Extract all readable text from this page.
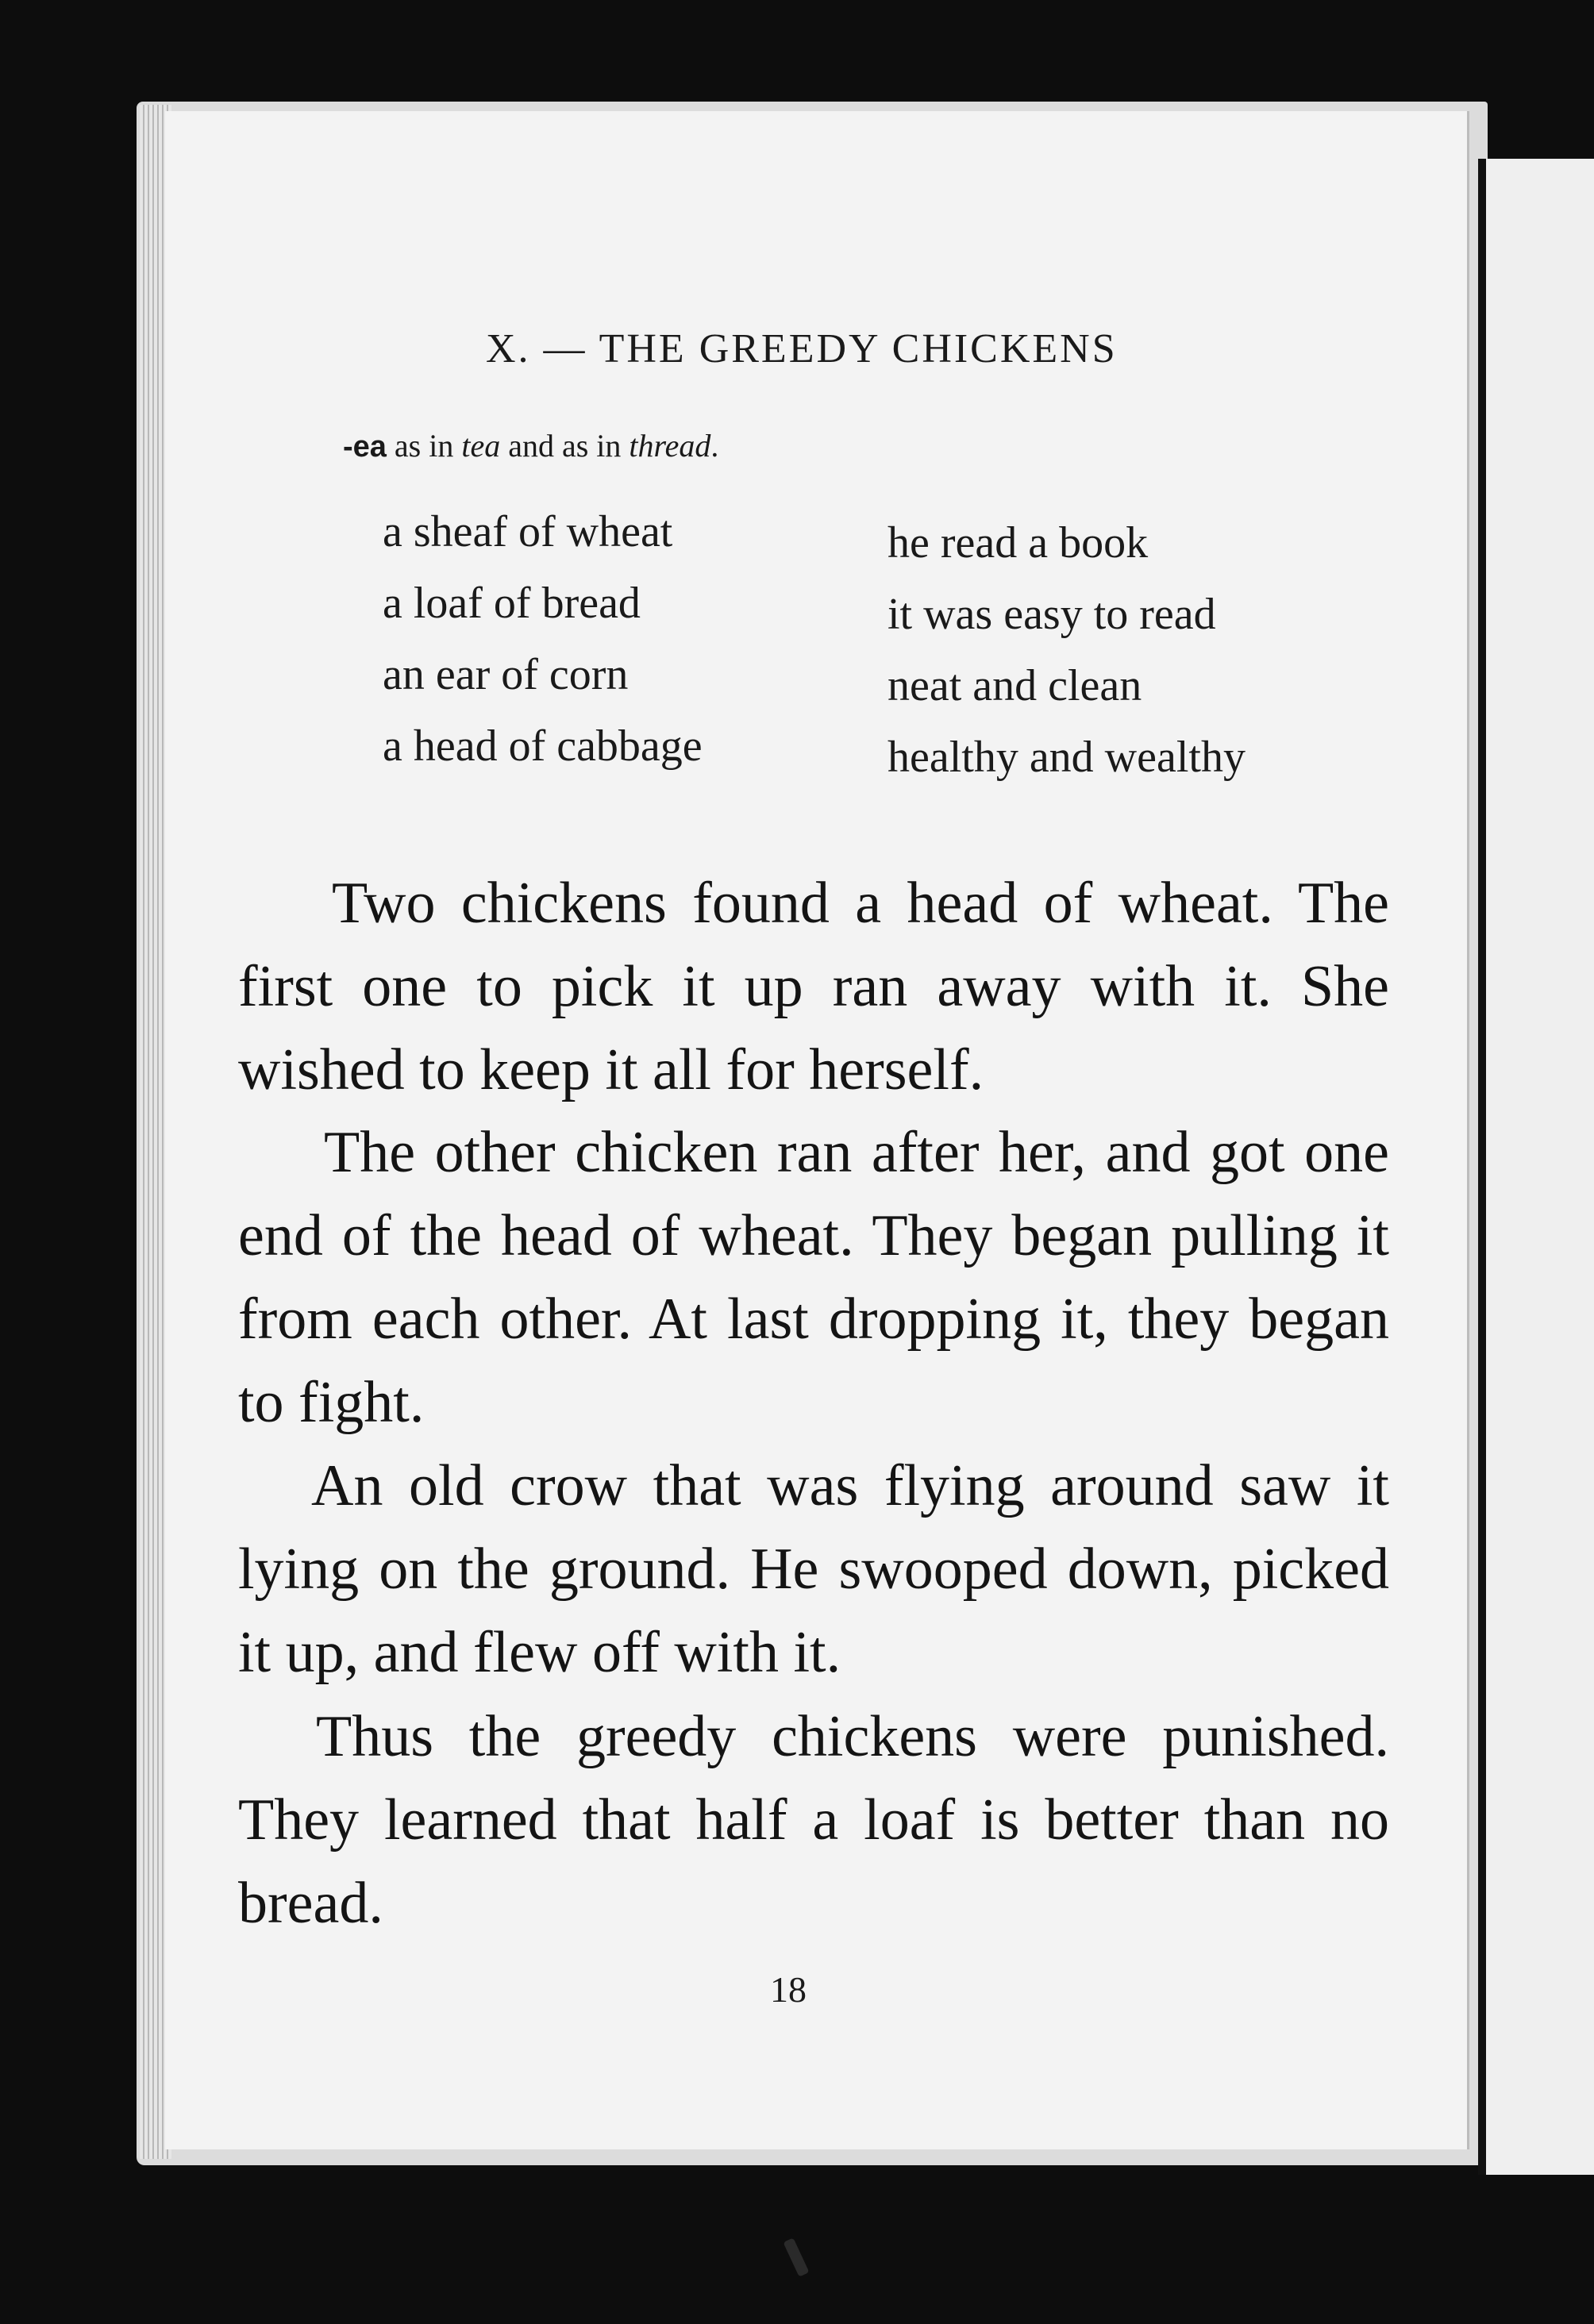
X. — THE GREEDY CHICKENS
-ea as in tea and as in thread.
a sheaf of wheat
a loaf of bread
an ear of corn
a head of cabbage
he read a book
it was easy to read
neat and clean
healthy and wealthy

Two chickens found a head of wheat. The first one to pick it up ran away with it. She wished to keep it all for herself.

The other chicken ran after her, and got one end of the head of wheat. They began pulling it from each other. At last dropping it, they began to fight.

An old crow that was flying around saw it lying on the ground. He swooped down, picked it up, and flew off with it.

Thus the greedy chickens were punished. They learned that half a loaf is better than no bread.

18
